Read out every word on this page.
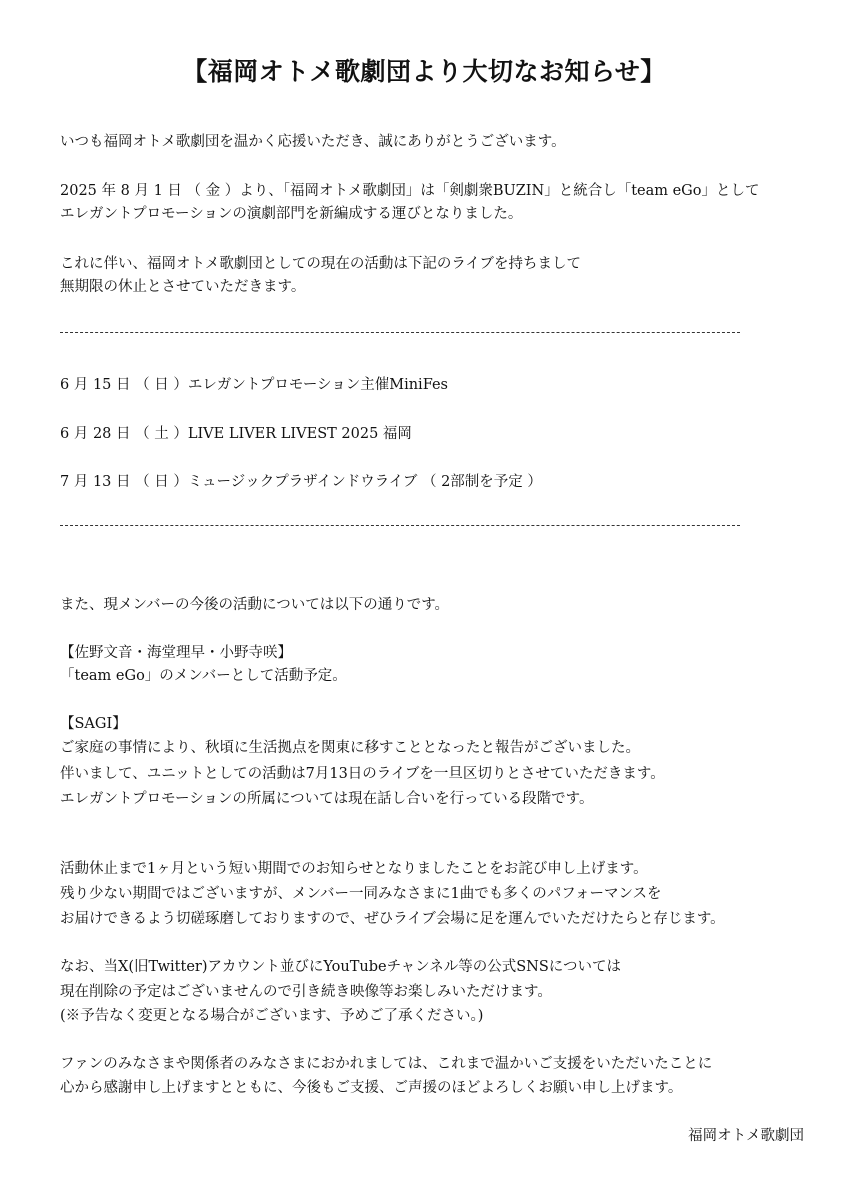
【福岡オトメ歌劇団より大切なお知らせ】
いつも福岡オトメ歌劇団を温かく応援いただき、誠にありがとうございます。
2025 年 8 月 1 日 （ 金 ）より、「福岡オトメ歌劇団」は「剣劇衆BUZIN」と統合し「team eGo」として
エレガントプロモーションの演劇部門を新編成する運びとなりました。
これに伴い、福岡オトメ歌劇団としての現在の活動は下記のライブを持ちまして
無期限の休止とさせていただきます。
6 月 15 日 （ 日 ）エレガントプロモーション主催MiniFes
6 月 28 日 （ 土 ）LIVE LIVER LIVEST 2025 福岡
7 月 13 日 （ 日 ）ミュージックプラザインドウライブ （ 2部制を予定 ）
また、現メンバーの今後の活動については以下の通りです。
【佐野文音・海堂理早・小野寺咲】
「team eGo」のメンバーとして活動予定。
【SAGI】
ご家庭の事情により、秋頃に生活拠点を関東に移すこととなったと報告がございました。
伴いまして、ユニットとしての活動は7月13日のライブを一旦区切りとさせていただきます。
エレガントプロモーションの所属については現在話し合いを行っている段階です。
活動休止まで1ヶ月という短い期間でのお知らせとなりましたことをお詫び申し上げます。
残り少ない期間ではございますが、メンバー一同みなさまに1曲でも多くのパフォーマンスを
お届けできるよう切磋琢磨しておりますので、ぜひライブ会場に足を運んでいただけたらと存じます。
なお、当X(旧Twitter)アカウント並びにYouTubeチャンネル等の公式SNSについては
現在削除の予定はございませんので引き続き映像等お楽しみいただけます。
(※予告なく変更となる場合がございます、予めご了承ください。)
ファンのみなさまや関係者のみなさまにおかれましては、これまで温かいご支援をいただいたことに
心から感謝申し上げますとともに、今後もご支援、ご声援のほどよろしくお願い申し上げます。
福岡オトメ歌劇団
